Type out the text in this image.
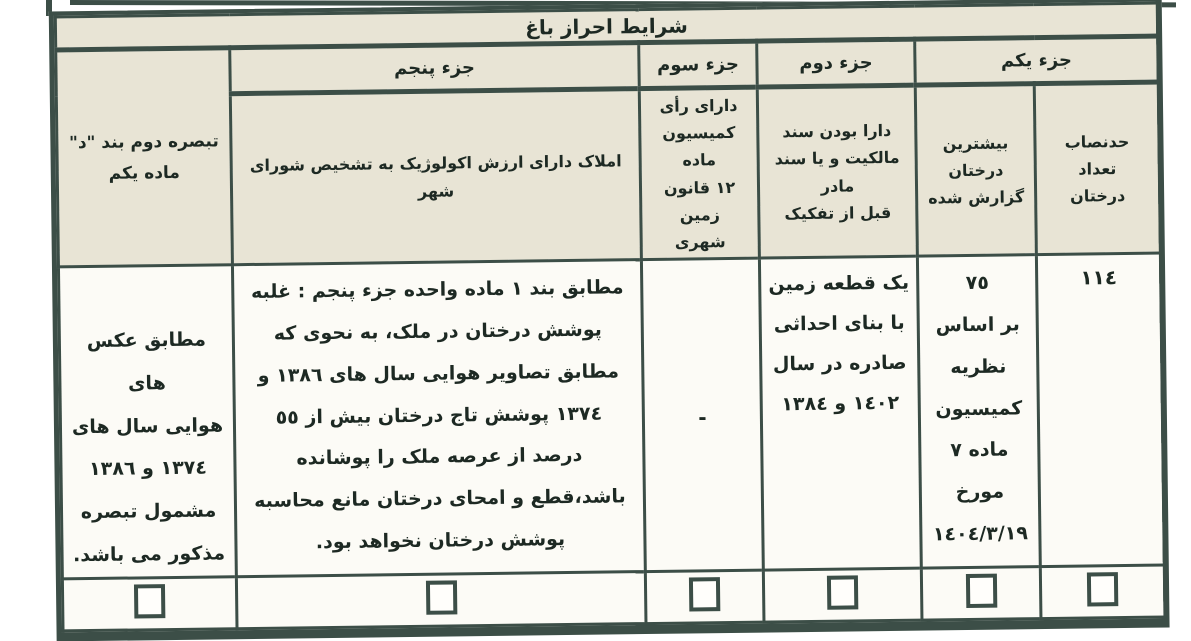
شرایط احراز باغ					
جزء یکم		جزء دوم	جزء سوم	جزء پنجم	تبصره دوم بند "د"
ماده یکم
حدنصاب
تعداد
درختان	بیشترین
درختان
گزارش شده	دارا بودن سند
مالکیت و یا سند مادر
قبل از تفکیک	دارای رأی
کمیسیون ماده
١٢ قانون زمین
شهری	املاک دارای ارزش اکولوژیک به تشخیص شورای شهر	
١١٤	٧٥
بر اساس
نظریه
کمیسیون
ماده ٧
مورخ
١٤٠٤/٣/١٩	یک قطعه زمین
با بنای احداثی
صادره در سال
١٤٠٢ و ١٣٨٤	-	مطابق بند ١ ماده واحده جزء پنجم : غلبه
پوشش درختان در ملک، به نحوی که
مطابق تصاویر هوایی سال های ١٣٨٦ و
١٣٧٤ پوشش تاج درختان بیش از ٥٥
درصد از عرصه ملک را پوشانده
باشد،قطع و امحای درختان مانع محاسبه
پوشش درختان نخواهد بود.	مطابق عکس های
هوایی سال های
١٣٧٤ و ١٣٨٦
مشمول تبصره
مذکور می باشد.
